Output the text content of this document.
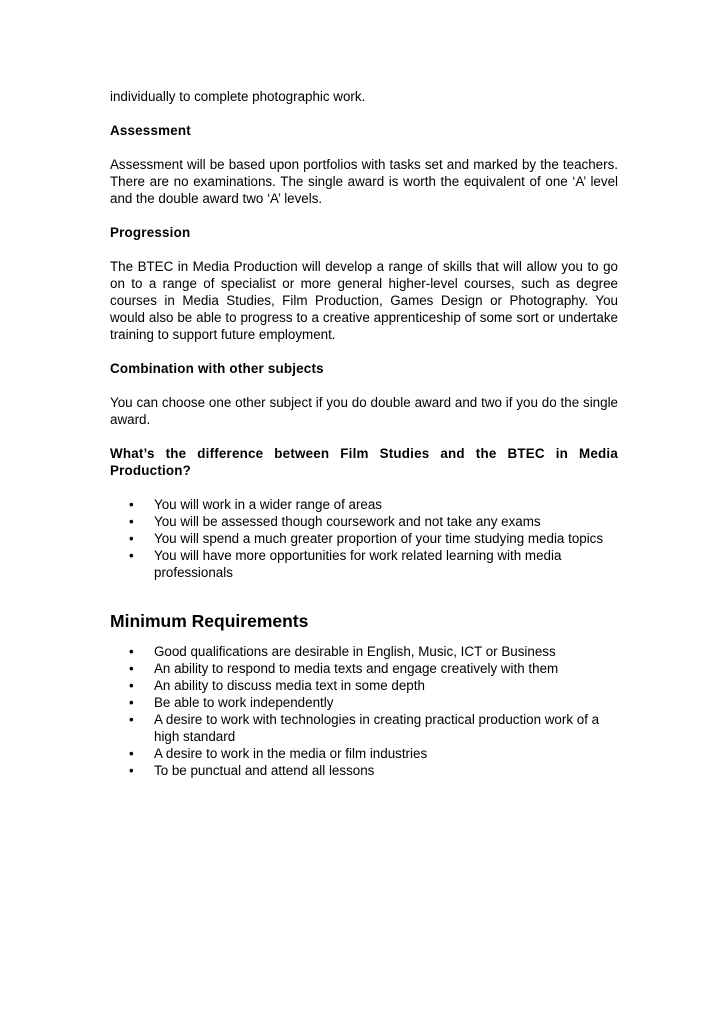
individually to complete photographic work.

Assessment

Assessment will be based upon portfolios with tasks set and marked by the teachers. There are no examinations. The single award is worth the equivalent of one ‘A’ level and the double award two ‘A’ levels.

Progression

The BTEC in Media Production will develop a range of skills that will allow you to go on to a range of specialist or more general higher-level courses, such as degree courses in Media Studies, Film Production, Games Design or Photography. You would also be able to progress to a creative apprenticeship of some sort or undertake training to support future employment.

Combination with other subjects

You can choose one other subject if you do double award and two if you do the single award.

What’s the difference between Film Studies and the BTEC in Media Production?

• You will work in a wider range of areas
• You will be assessed though coursework and not take any exams
• You will spend a much greater proportion of your time studying media topics
• You will have more opportunities for work related learning with media professionals

Minimum Requirements

• Good qualifications are desirable in English, Music, ICT or Business
• An ability to respond to media texts and engage creatively with them
• An ability to discuss media text in some depth
• Be able to work independently
• A desire to work with technologies in creating practical production work of a high standard
• A desire to work in the media or film industries
• To be punctual and attend all lessons
